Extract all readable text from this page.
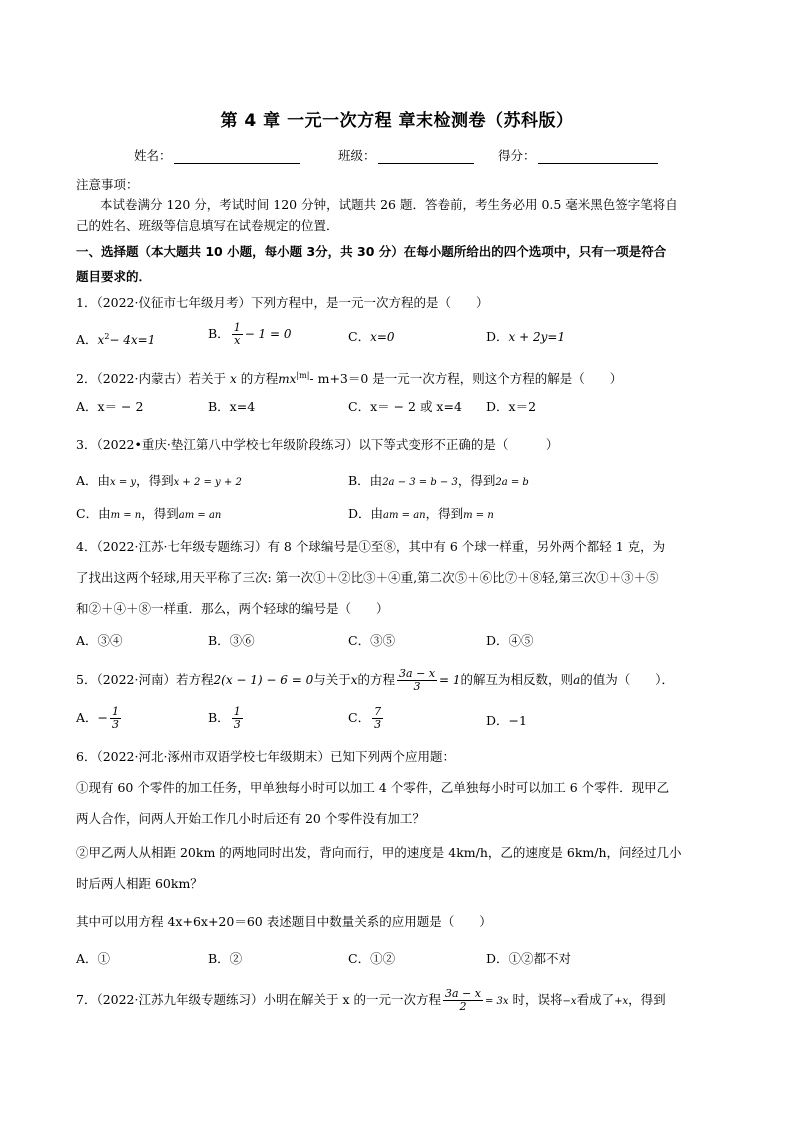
第 4 章 一元一次方程 章末检测卷（苏科版）
姓名：	班级：	得分：
注意事项：
本试卷满分 120 分，考试时间 120 分钟，试题共 26 题．答卷前，考生务必用 0.5 毫米黑色签字笔将自
己的姓名、班级等信息填写在试卷规定的位置．
一、选择题（本大题共 10 小题，每小题 3分，共 30 分）在每小题所给出的四个选项中，只有一项是符合
题目要求的．
1．（2022·仪征市七年级月考）下列方程中，是一元一次方程的是（　　）
A．$x^2- 4x=1$	B． $\frac{1}{x} - 1 = 0$	C．x=0	D．x + 2y=1
2．（2022·内蒙古）若关于 x 的方程$mx^{|m|}-$ m+3＝0 是一元一次方程，则这个方程的解是（　　）
A．x＝ − 2	B．x=4	C．x＝ − 2 或 x=4 D．x＝2
3．（2022•重庆·垫江第八中学校七年级阶段练习）以下等式变形不正确的是（　　　）
A．由x = y，得到x + 2 = y + 2	B．由2a − 3 = b − 3，得到2a = b
C．由m = n，得到am = an	D．由am = an，得到m = n
4．（2022·江苏·七年级专题练习）有 8 个球编号是①至⑧，其中有 6 个球一样重，另外两个都轻 1 克，为
了找出这两个轻球,用天平称了三次: 第一次①＋②比③＋④重,第二次⑤＋⑥比⑦＋⑧轻,第三次①＋③＋⑤
和②＋④＋⑧一样重．那么，两个轻球的编号是（　　）
A．③④	B．③⑥	C．③⑤	D．④⑤
5．（2022·河南）若方程2(x − 1) − 6 = 0与关于x的方程 $\frac{3a - x}{3} = 1$的解互为相反数，则a的值为（　　）．
A．− $\frac{1}{3}$	B． $\frac{1}{3}$	C． $\frac{7}{3}$	D．−1
6．（2022·河北·涿州市双语学校七年级期末）已知下列两个应用题：
①现有 60 个零件的加工任务，甲单独每小时可以加工 4 个零件，乙单独每小时可以加工 6 个零件．现甲乙
两人合作，问两人开始工作几小时后还有 20 个零件没有加工？
②甲乙两人从相距 20km 的两地同时出发，背向而行，甲的速度是 4km/h，乙的速度是 6km/h，问经过几小
时后两人相距 60km？
其中可以用方程 4x+6x+20＝60 表述题目中数量关系的应用题是（　　）
A．①	B．②	C．①②	D．①②都不对
7．（2022·江苏九年级专题练习）小明在解关于 x 的一元一次方程 $\frac{3a - x}{2} = 3x$ 时，误将−x看成了+x，得到
